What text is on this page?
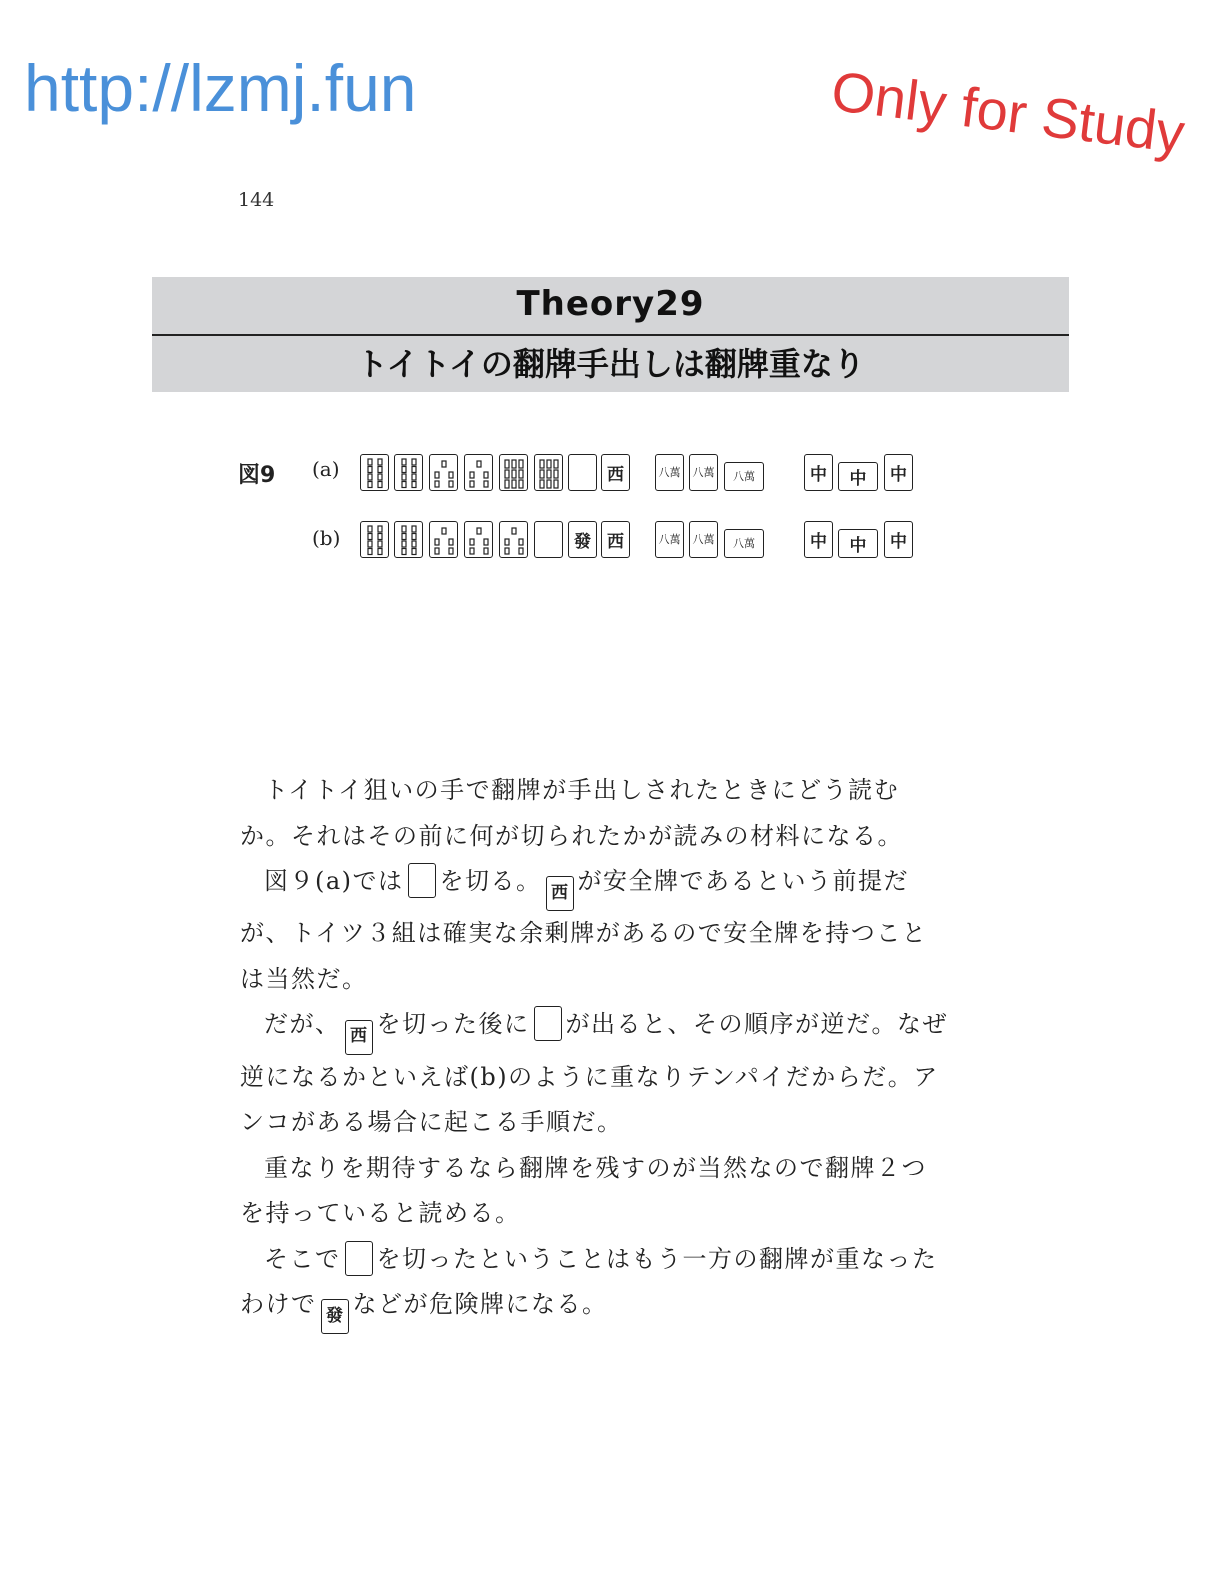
http://lzmj.fun	Only for Study
144
Theory29
トイトイの翻牌手出しは翻牌重なり
図9 (a)	西	八萬	八萬	八萬	中	中	中
(b)	發 西	八萬	八萬	八萬	中	中	中

トイトイ狙いの手で翻牌が手出しされたときにどう読むか。それはその前に何が切られたかが読みの材料になる。

図９(a)では を切る。 西 が安全牌であるという前提だが、トイツ３組は確実な余剰牌があるので安全牌を持つことは当然だ。

だが、 西 を切った後に が出ると、その順序が逆だ。なぜ逆になるかといえば(b)のように重なりテンパイだからだ。アンコがある場合に起こる手順だ。

重なりを期待するなら翻牌を残すのが当然なので翻牌２つを持っていると読める。

そこで を切ったということはもう一方の翻牌が重なったわけで 發 などが危険牌になる。
